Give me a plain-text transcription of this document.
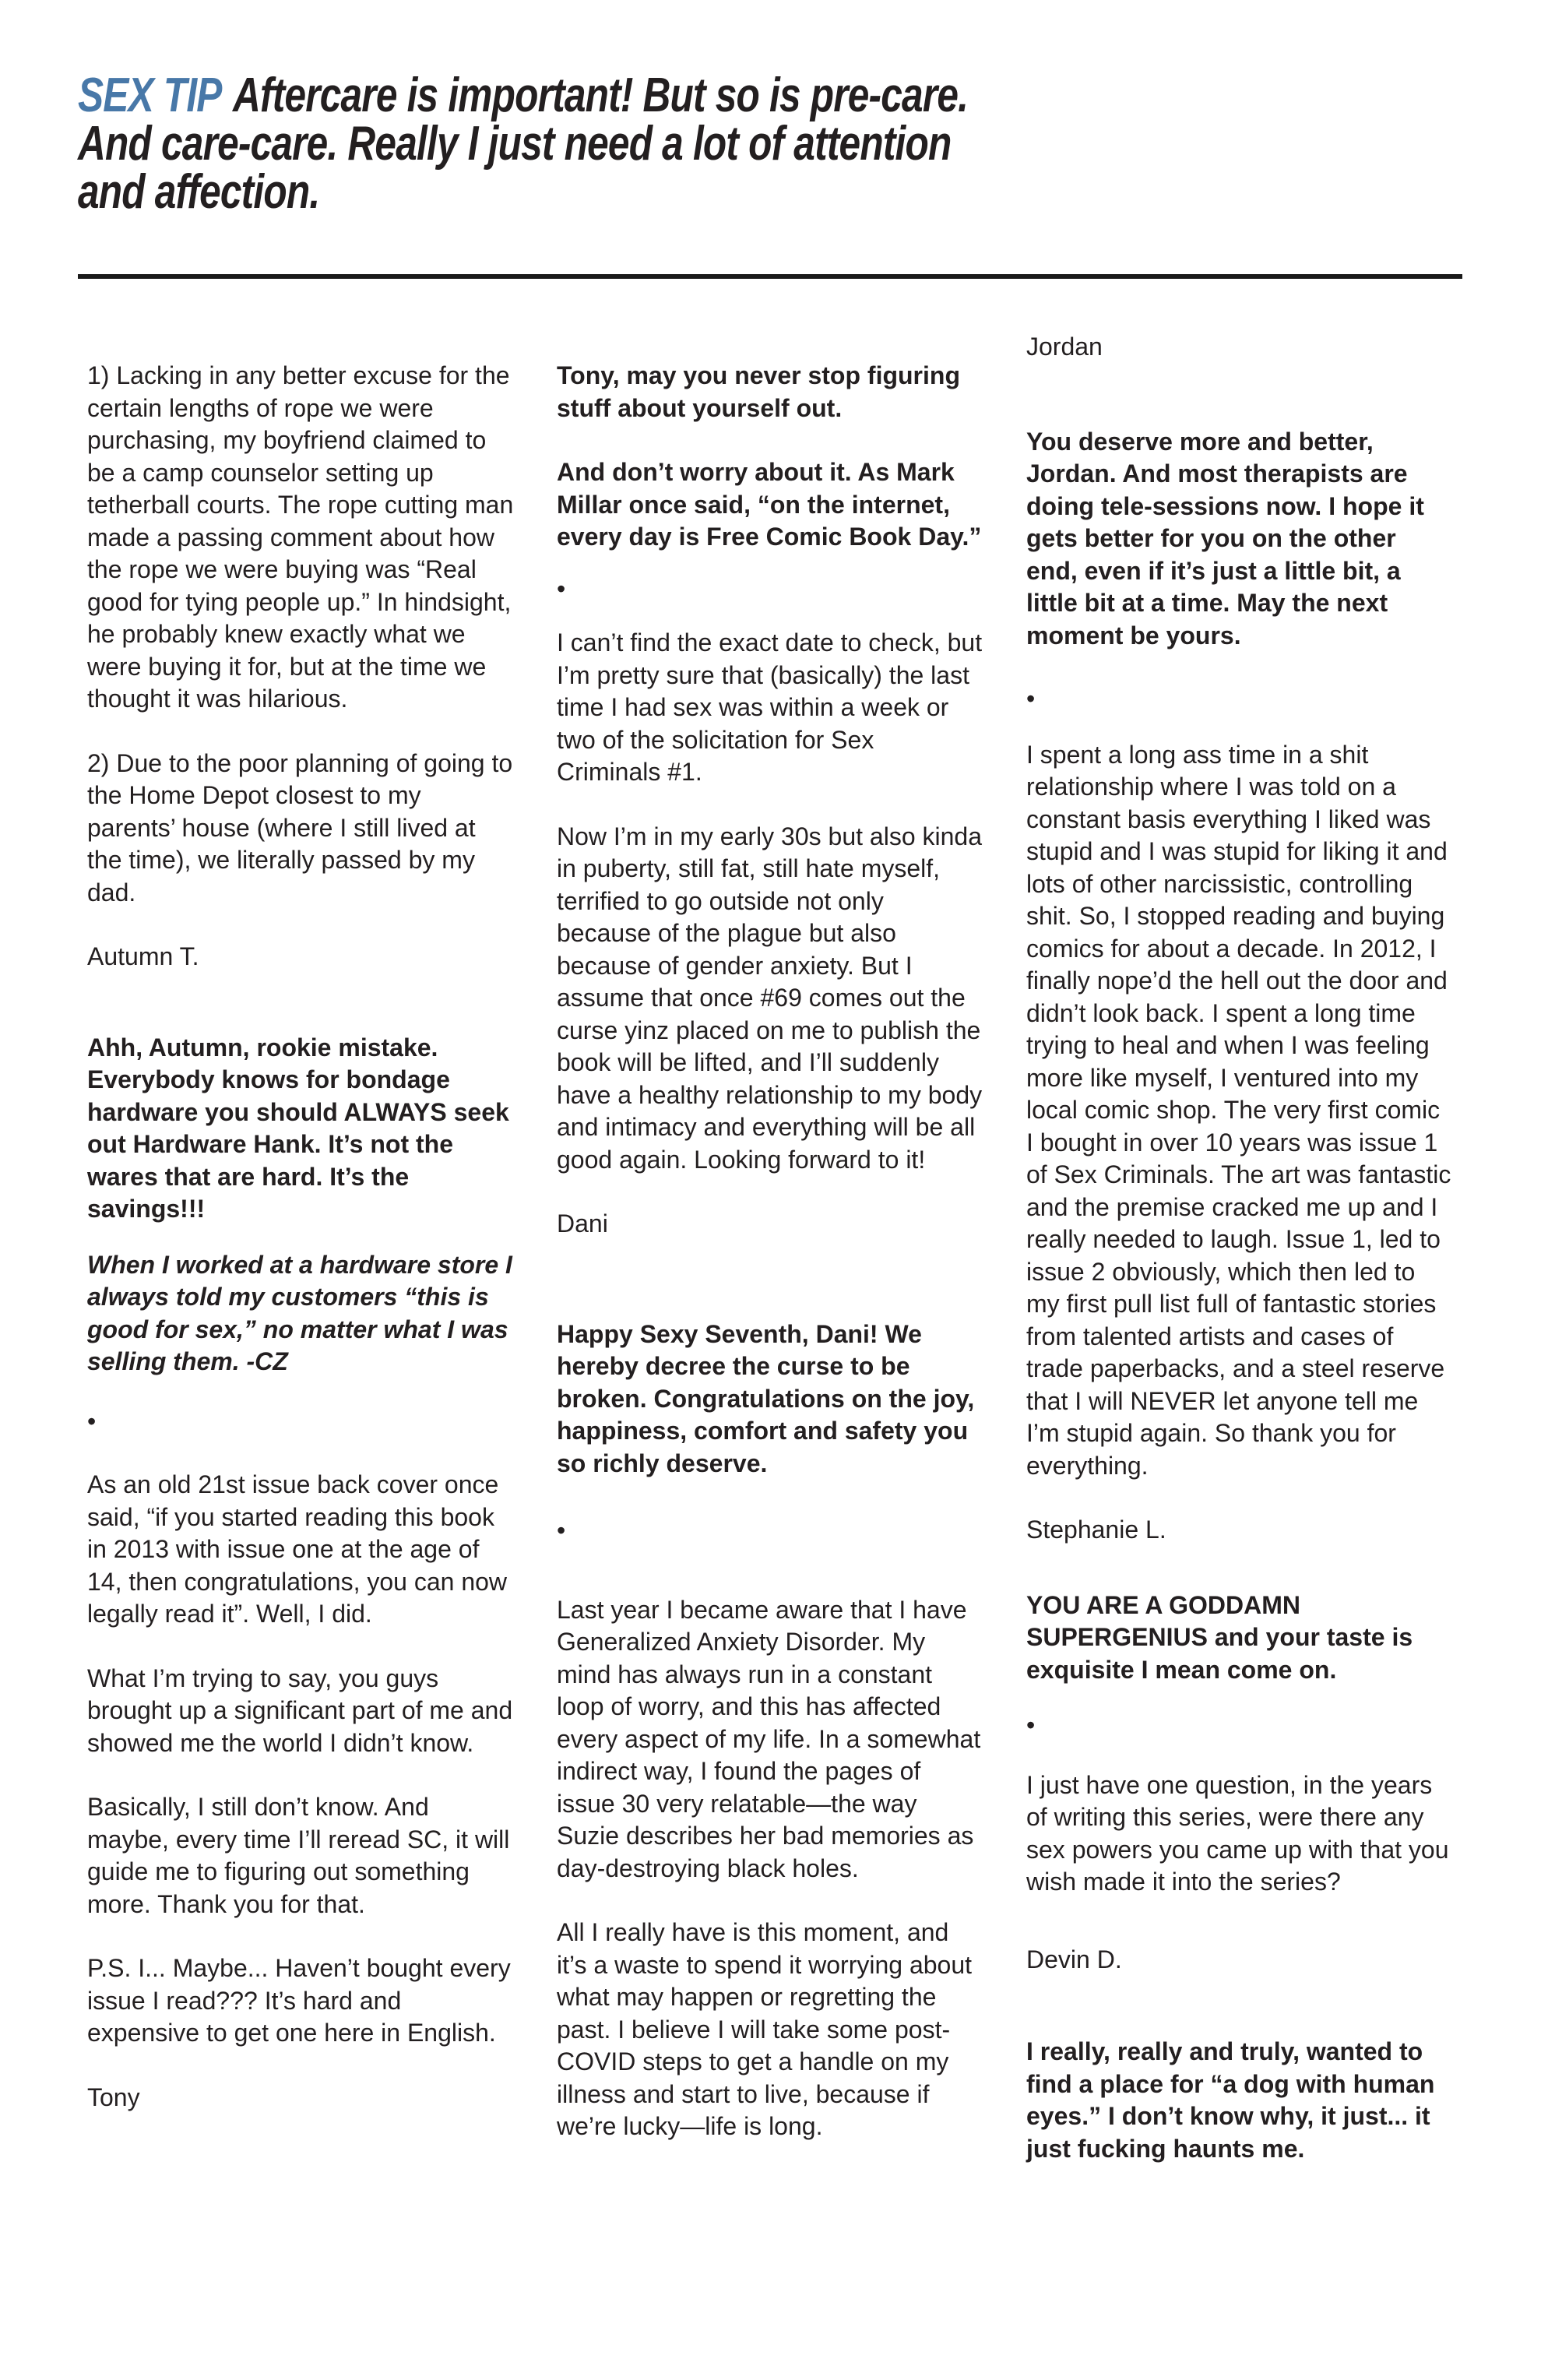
SEX TIP Aftercare is important! But so is pre-care.
And care-care. Really I just need a lot of attention
and affection.

1) Lacking in any better excuse for the certain lengths of rope we were purchasing, my boyfriend claimed to be a camp counselor setting up tetherball courts. The rope cutting man made a passing comment about how the rope we were buying was “Real good for tying people up.” In hindsight, he probably knew exactly what we were buying it for, but at the time we thought it was hilarious.

2) Due to the poor planning of going to the Home Depot closest to my parents’ house (where I still lived at the time), we literally passed by my dad.

Autumn T.

Ahh, Autumn, rookie mistake. Everybody knows for bondage hardware you should ALWAYS seek out Hardware Hank. It’s not the wares that are hard. It’s the savings!!!

When I worked at a hardware store I always told my customers “this is good for sex,” no matter what I was selling them. -CZ

•

As an old 21st issue back cover once said, “if you started reading this book in 2013 with issue one at the age of 14, then congratulations, you can now legally read it”. Well, I did.

What I’m trying to say, you guys brought up a significant part of me and showed me the world I didn’t know.

Basically, I still don’t know. And maybe, every time I’ll reread SC, it will guide me to figuring out something more. Thank you for that.

P.S. I... Maybe... Haven’t bought every issue I read??? It’s hard and expensive to get one here in English.

Tony

Tony, may you never stop figuring stuff about yourself out.

And don’t worry about it. As Mark Millar once said, “on the internet, every day is Free Comic Book Day.”

•

I can’t find the exact date to check, but I’m pretty sure that (basically) the last time I had sex was within a week or two of the solicitation for Sex Criminals #1.

Now I’m in my early 30s but also kinda in puberty, still fat, still hate myself, terrified to go outside not only because of the plague but also because of gender anxiety. But I assume that once #69 comes out the curse yinz placed on me to publish the book will be lifted, and I’ll suddenly have a healthy relationship to my body and intimacy and everything will be all good again. Looking forward to it!

Dani

Happy Sexy Seventh, Dani! We hereby decree the curse to be broken. Congratulations on the joy, happiness, comfort and safety you so richly deserve.

•

Last year I became aware that I have Generalized Anxiety Disorder. My mind has always run in a constant loop of worry, and this has affected every aspect of my life. In a somewhat indirect way, I found the pages of issue 30 very relatable—the way Suzie describes her bad memories as day-destroying black holes.

All I really have is this moment, and it’s a waste to spend it worrying about what may happen or regretting the past. I believe I will take some post-COVID steps to get a handle on my illness and start to live, because if we’re lucky—life is long.

Jordan

You deserve more and better, Jordan. And most therapists are doing tele-sessions now. I hope it gets better for you on the other end, even if it’s just a little bit, a little bit at a time. May the next moment be yours.

•

I spent a long ass time in a shit relationship where I was told on a constant basis everything I liked was stupid and I was stupid for liking it and lots of other narcissistic, controlling shit. So, I stopped reading and buying comics for about a decade. In 2012, I finally nope’d the hell out the door and didn’t look back. I spent a long time trying to heal and when I was feeling more like myself, I ventured into my local comic shop. The very first comic I bought in over 10 years was issue 1 of Sex Criminals. The art was fantastic and the premise cracked me up and I really needed to laugh. Issue 1, led to issue 2 obviously, which then led to my first pull list full of fantastic stories from talented artists and cases of trade paperbacks, and a steel reserve that I will NEVER let anyone tell me I’m stupid again. So thank you for everything.

Stephanie L.

YOU ARE A GODDAMN SUPERGENIUS and your taste is exquisite I mean come on.

•

I just have one question, in the years of writing this series, were there any sex powers you came up with that you wish made it into the series?

Devin D.

I really, really and truly, wanted to find a place for “a dog with human eyes.” I don’t know why, it just... it just fucking haunts me.
